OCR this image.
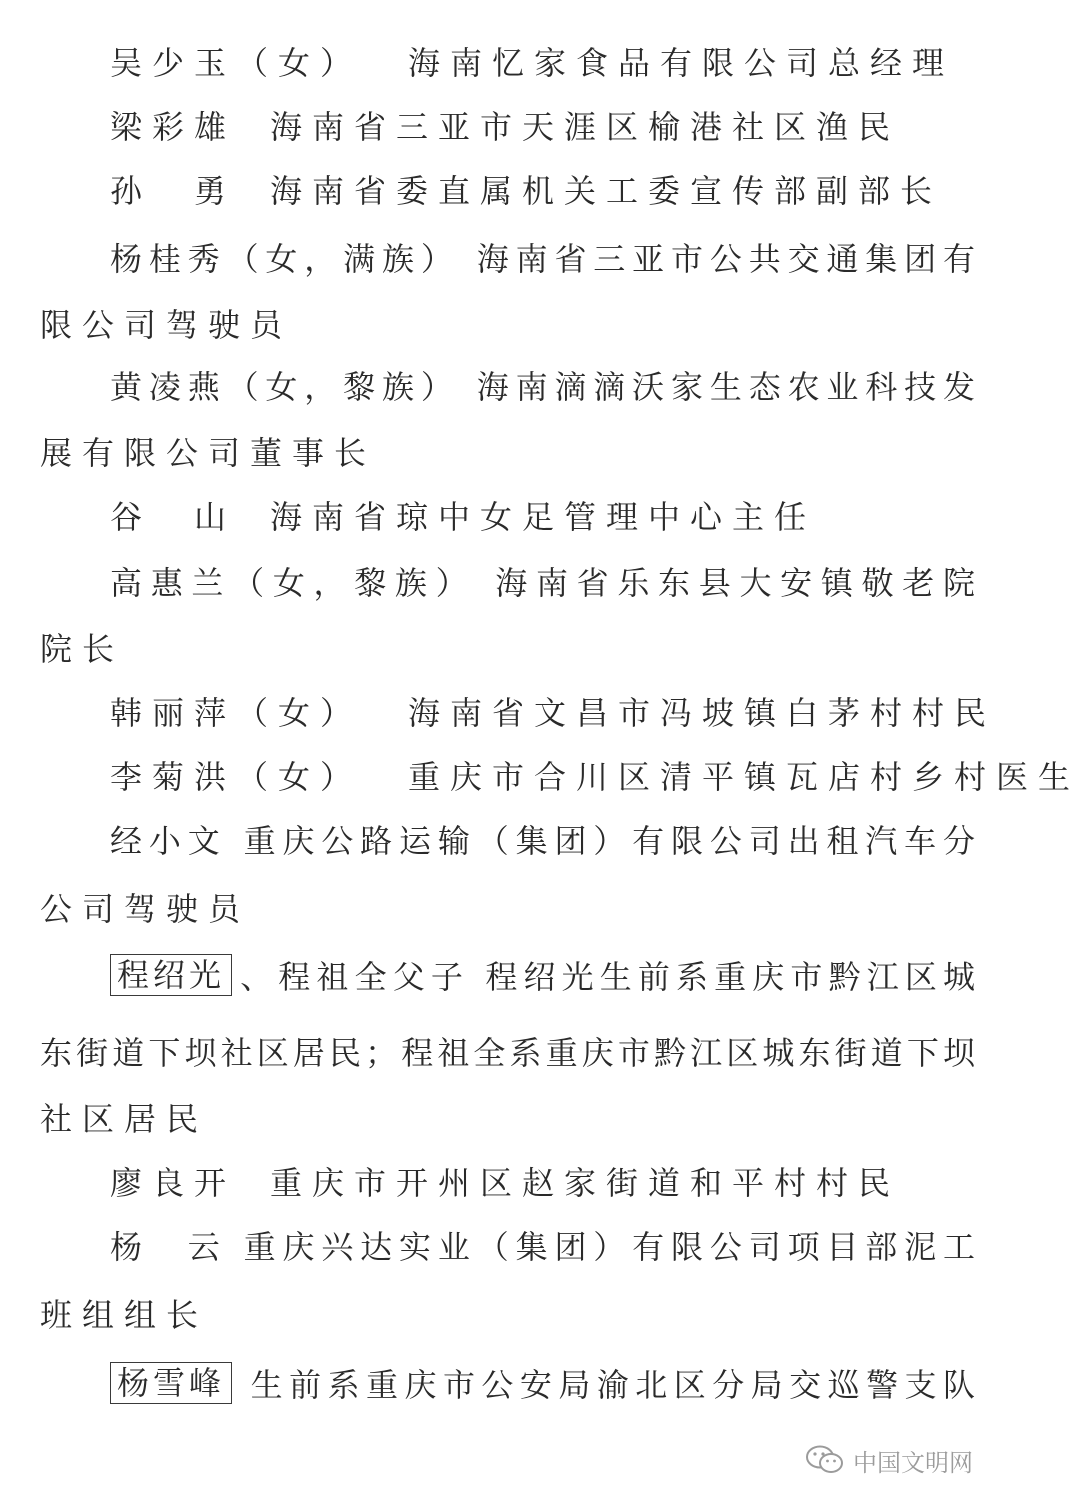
吴少玉（女） 海南忆家食品有限公司总经理
梁彩雄 海南省三亚市天涯区榆港社区渔民
孙　勇 海南省委直属机关工委宣传部副部长
杨桂秀（女，满族） 海南省三亚市公共交通集团有
限公司驾驶员
黄凌燕（女，黎族） 海南滴滴沃家生态农业科技发
展有限公司董事长
谷　山 海南省琼中女足管理中心主任
高惠兰（女，黎族） 海南省乐东县大安镇敬老院
院长
韩丽萍（女） 海南省文昌市冯坡镇白茅村村民
李菊洪（女） 重庆市合川区清平镇瓦店村乡村医生
经小文 重庆公路运输（集团）有限公司出租汽车分
公司驾驶员
程绍光 、程祖全父子 程绍光生前系重庆市黔江区城
东街道下坝社区居民；程祖全系重庆市黔江区城东街道下坝
社区居民
廖良开 重庆市开州区赵家街道和平村村民
杨　云 重庆兴达实业（集团）有限公司项目部泥工
班组组长
杨雪峰 生前系重庆市公安局渝北区分局交巡警支队
中国文明网
